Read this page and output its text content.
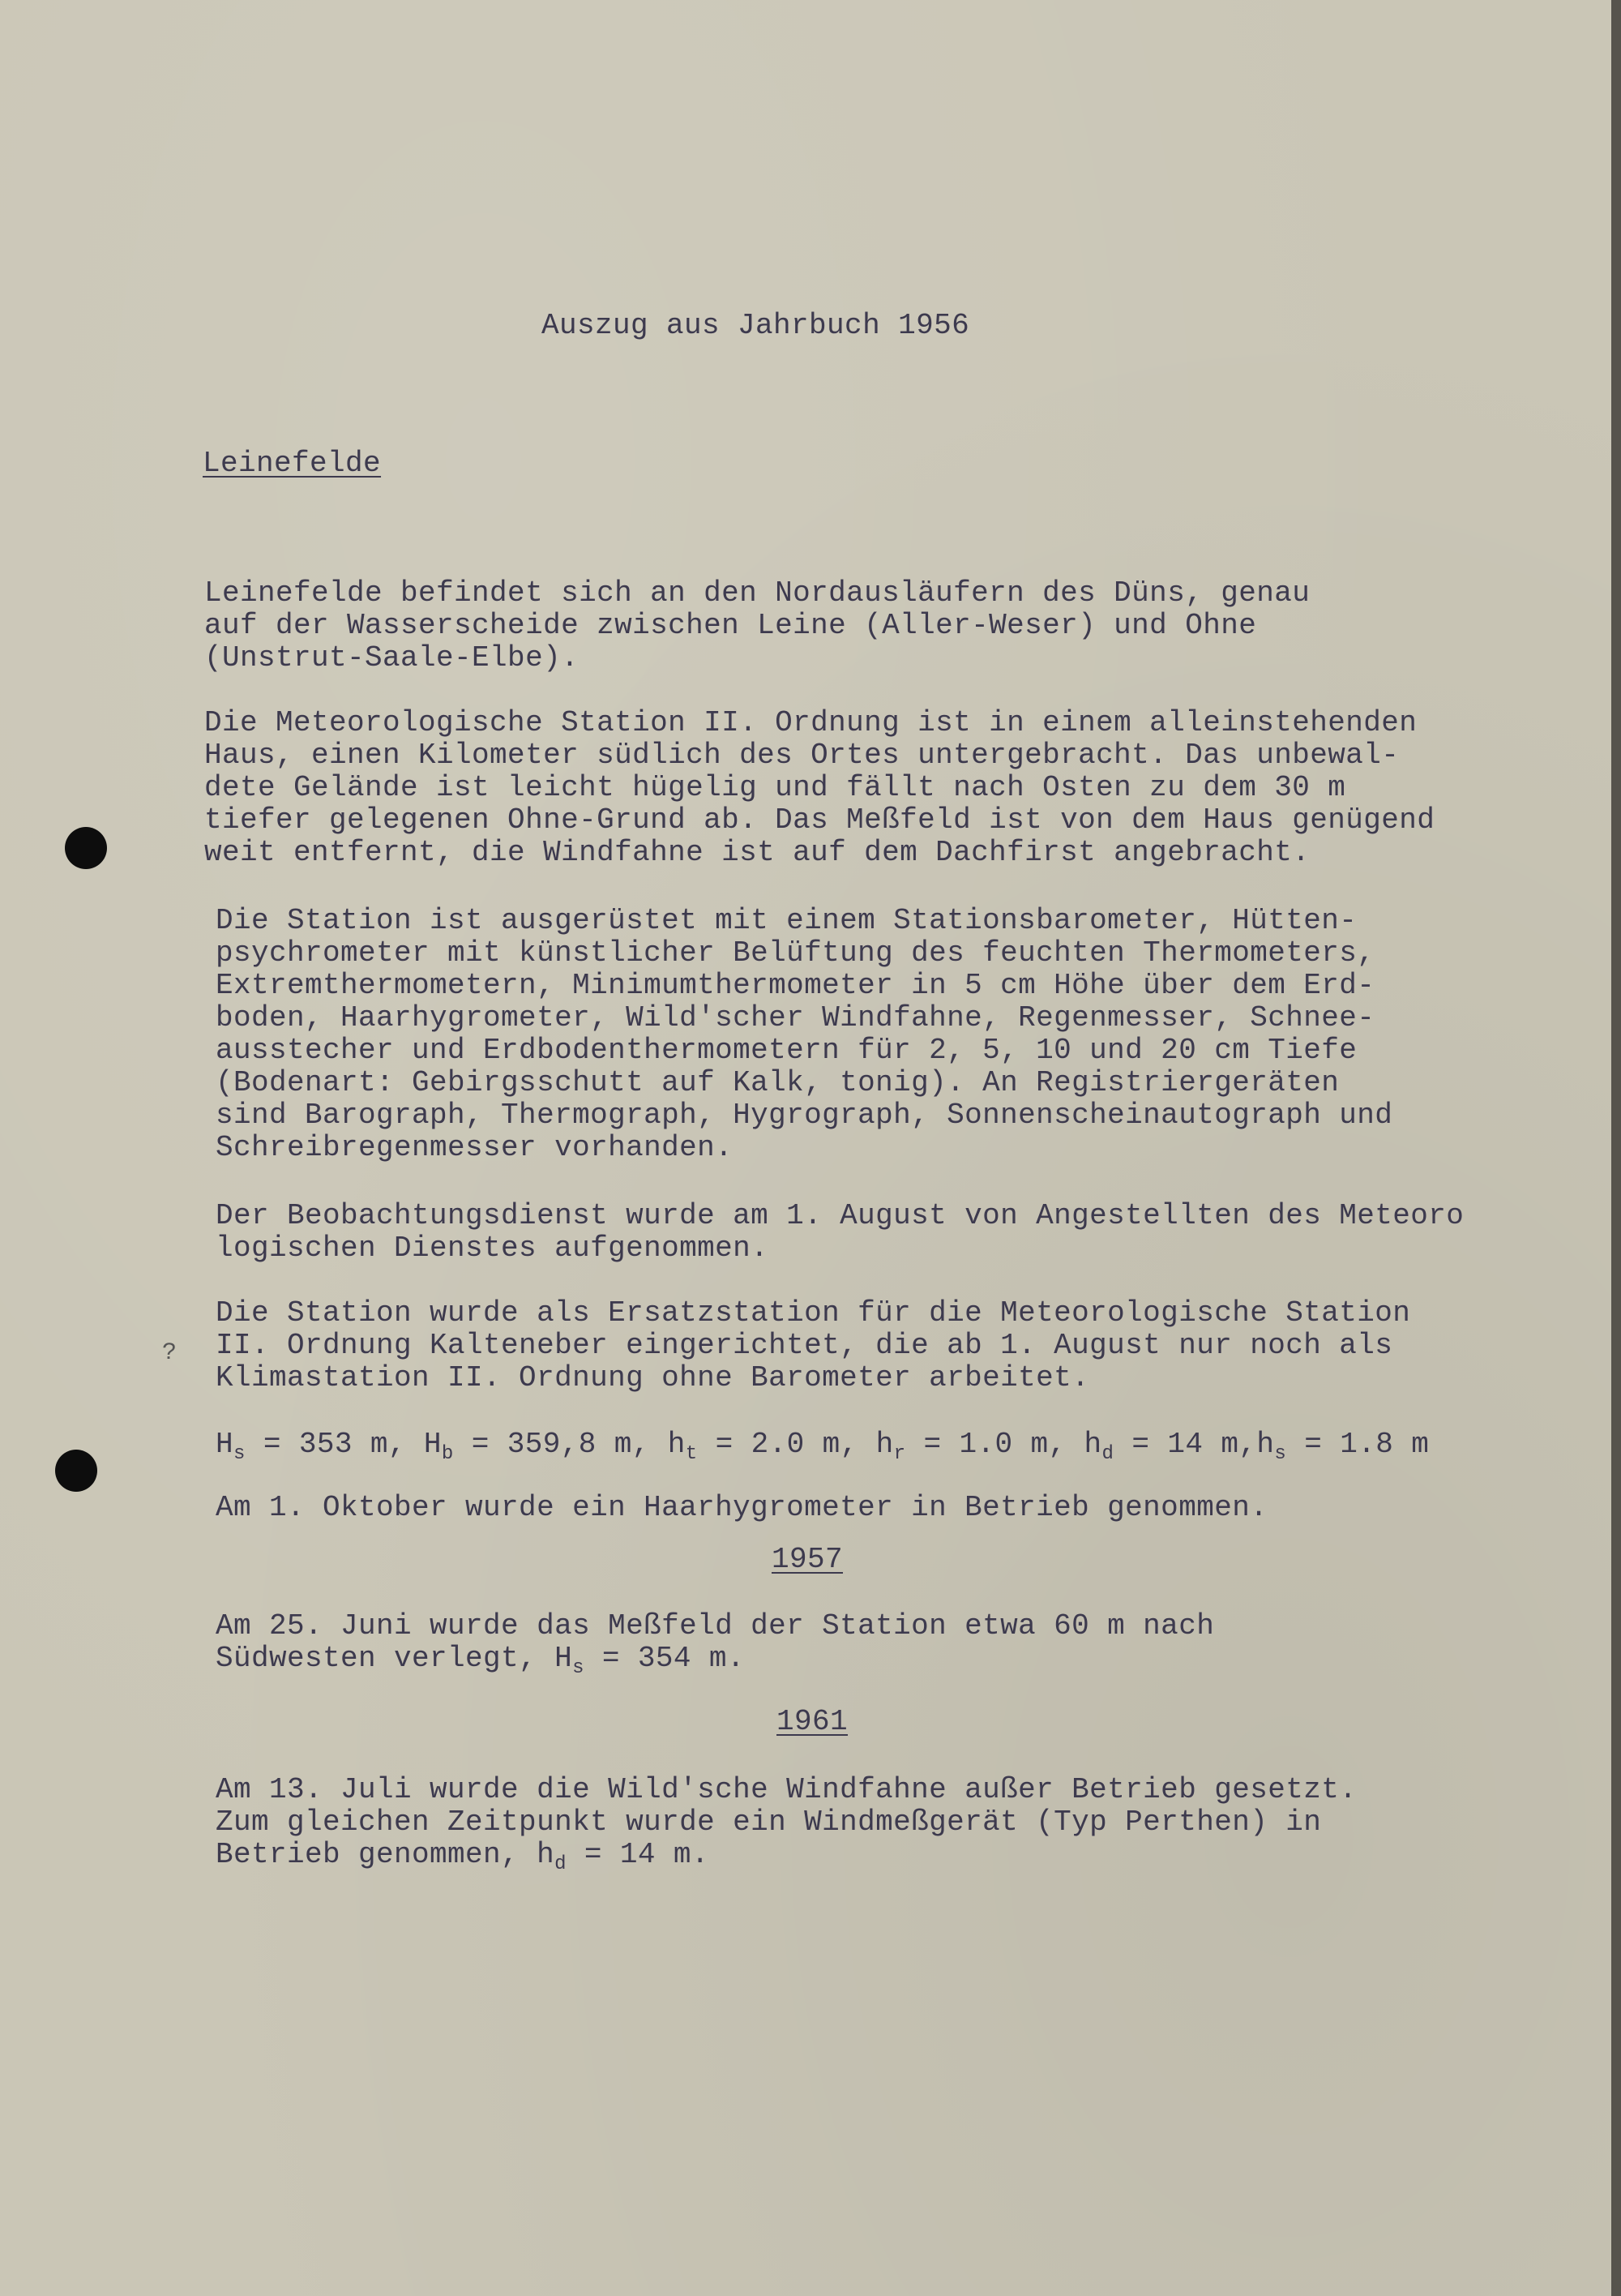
Auszug aus Jahrbuch 1956

Leinefelde

Leinefelde befindet sich an den Nordausläufern des Düns, genau

auf der Wasserscheide zwischen Leine (Aller-Weser) und Ohne

(Unstrut-Saale-Elbe).

Die Meteorologische Station II. Ordnung ist in einem alleinstehenden

Haus, einen Kilometer südlich des Ortes untergebracht. Das unbewal-

dete Gelände ist leicht hügelig und fällt nach Osten zu dem 30 m

tiefer gelegenen Ohne-Grund ab. Das Meßfeld ist von dem Haus genügend

weit entfernt, die Windfahne ist auf dem Dachfirst angebracht.

Die Station ist ausgerüstet mit einem Stationsbarometer, Hütten-

psychrometer mit künstlicher Belüftung des feuchten Thermometers,

Extremthermometern, Minimumthermometer in 5 cm Höhe über dem Erd-

boden, Haarhygrometer, Wild'scher Windfahne, Regenmesser, Schnee-

ausstecher und Erdbodenthermometern für 2, 5, 10 und 20 cm Tiefe

(Bodenart: Gebirgsschutt auf Kalk, tonig). An Registriergeräten

sind Barograph, Thermograph, Hygrograph, Sonnenscheinautograph und

Schreibregenmesser vorhanden.

Der Beobachtungsdienst wurde am 1. August von Angestellten des Meteoro

logischen Dienstes aufgenommen.

Die Station wurde als Ersatzstation für die Meteorologische Station

II. Ordnung Kalteneber eingerichtet, die ab 1. August nur noch als

Klimastation II. Ordnung ohne Barometer arbeitet.

?

$H_s = 353$ m, $H_b = 359,8$ m, $h_t = 2.0$ m, $h_r = 1.0$ m, $h_d = 14$ $m,h_s = 1.8$ m

Am 1. Oktober wurde ein Haarhygrometer in Betrieb genommen.

1957

Am 25. Juni wurde das Meßfeld der Station etwa 60 m nach

Südwesten verlegt, $H_s = 354$ m.

1961

Am 13. Juli wurde die Wild'sche Windfahne außer Betrieb gesetzt.

Zum gleichen Zeitpunkt wurde ein Windmeßgerät (Typ Perthen) in

Betrieb genommen, $h_d = 14$ m.
